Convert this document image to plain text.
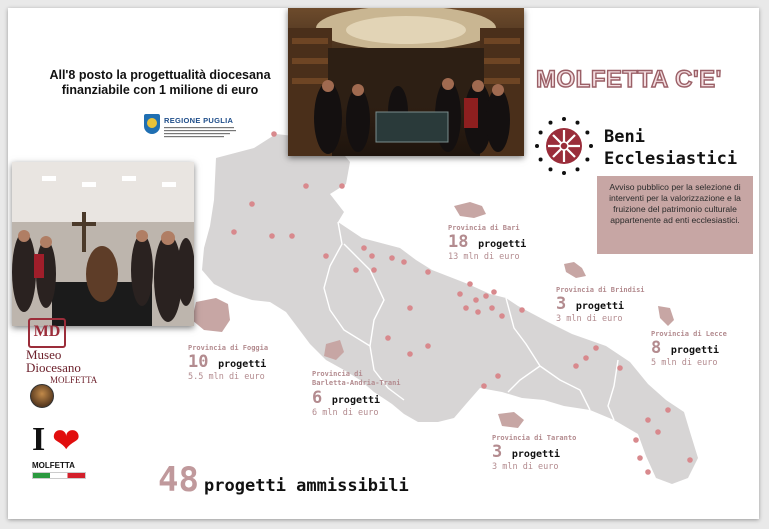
All'8 posto la progettualità diocesana finanziabile con 1 milione di euro
REGIONE PUGLIA
MD
Museo
Diocesano
MOLFETTA
I ❤
MOLFETTA
MOLFETTA C'E'
Beni
Ecclesiastici

Avviso pubblico per la selezione di interventi per la valorizzazione e la fruizione del patrimonio culturale appartenente ad enti ecclesiastici.

Provincia di Bari
18 progetti
13 mln di euro
Provincia di Brindisi
3 progetti
3 mln di euro
Provincia di Lecce
8 progetti
5 mln di euro
Provincia di Foggia
10 progetti
5.5 mln di euro	Provincia di Barletta-Andria-Trani
6 progetti
6 mln di euro
Provincia di Taranto
3 progetti
3 mln di euro
48 progetti ammissibili
